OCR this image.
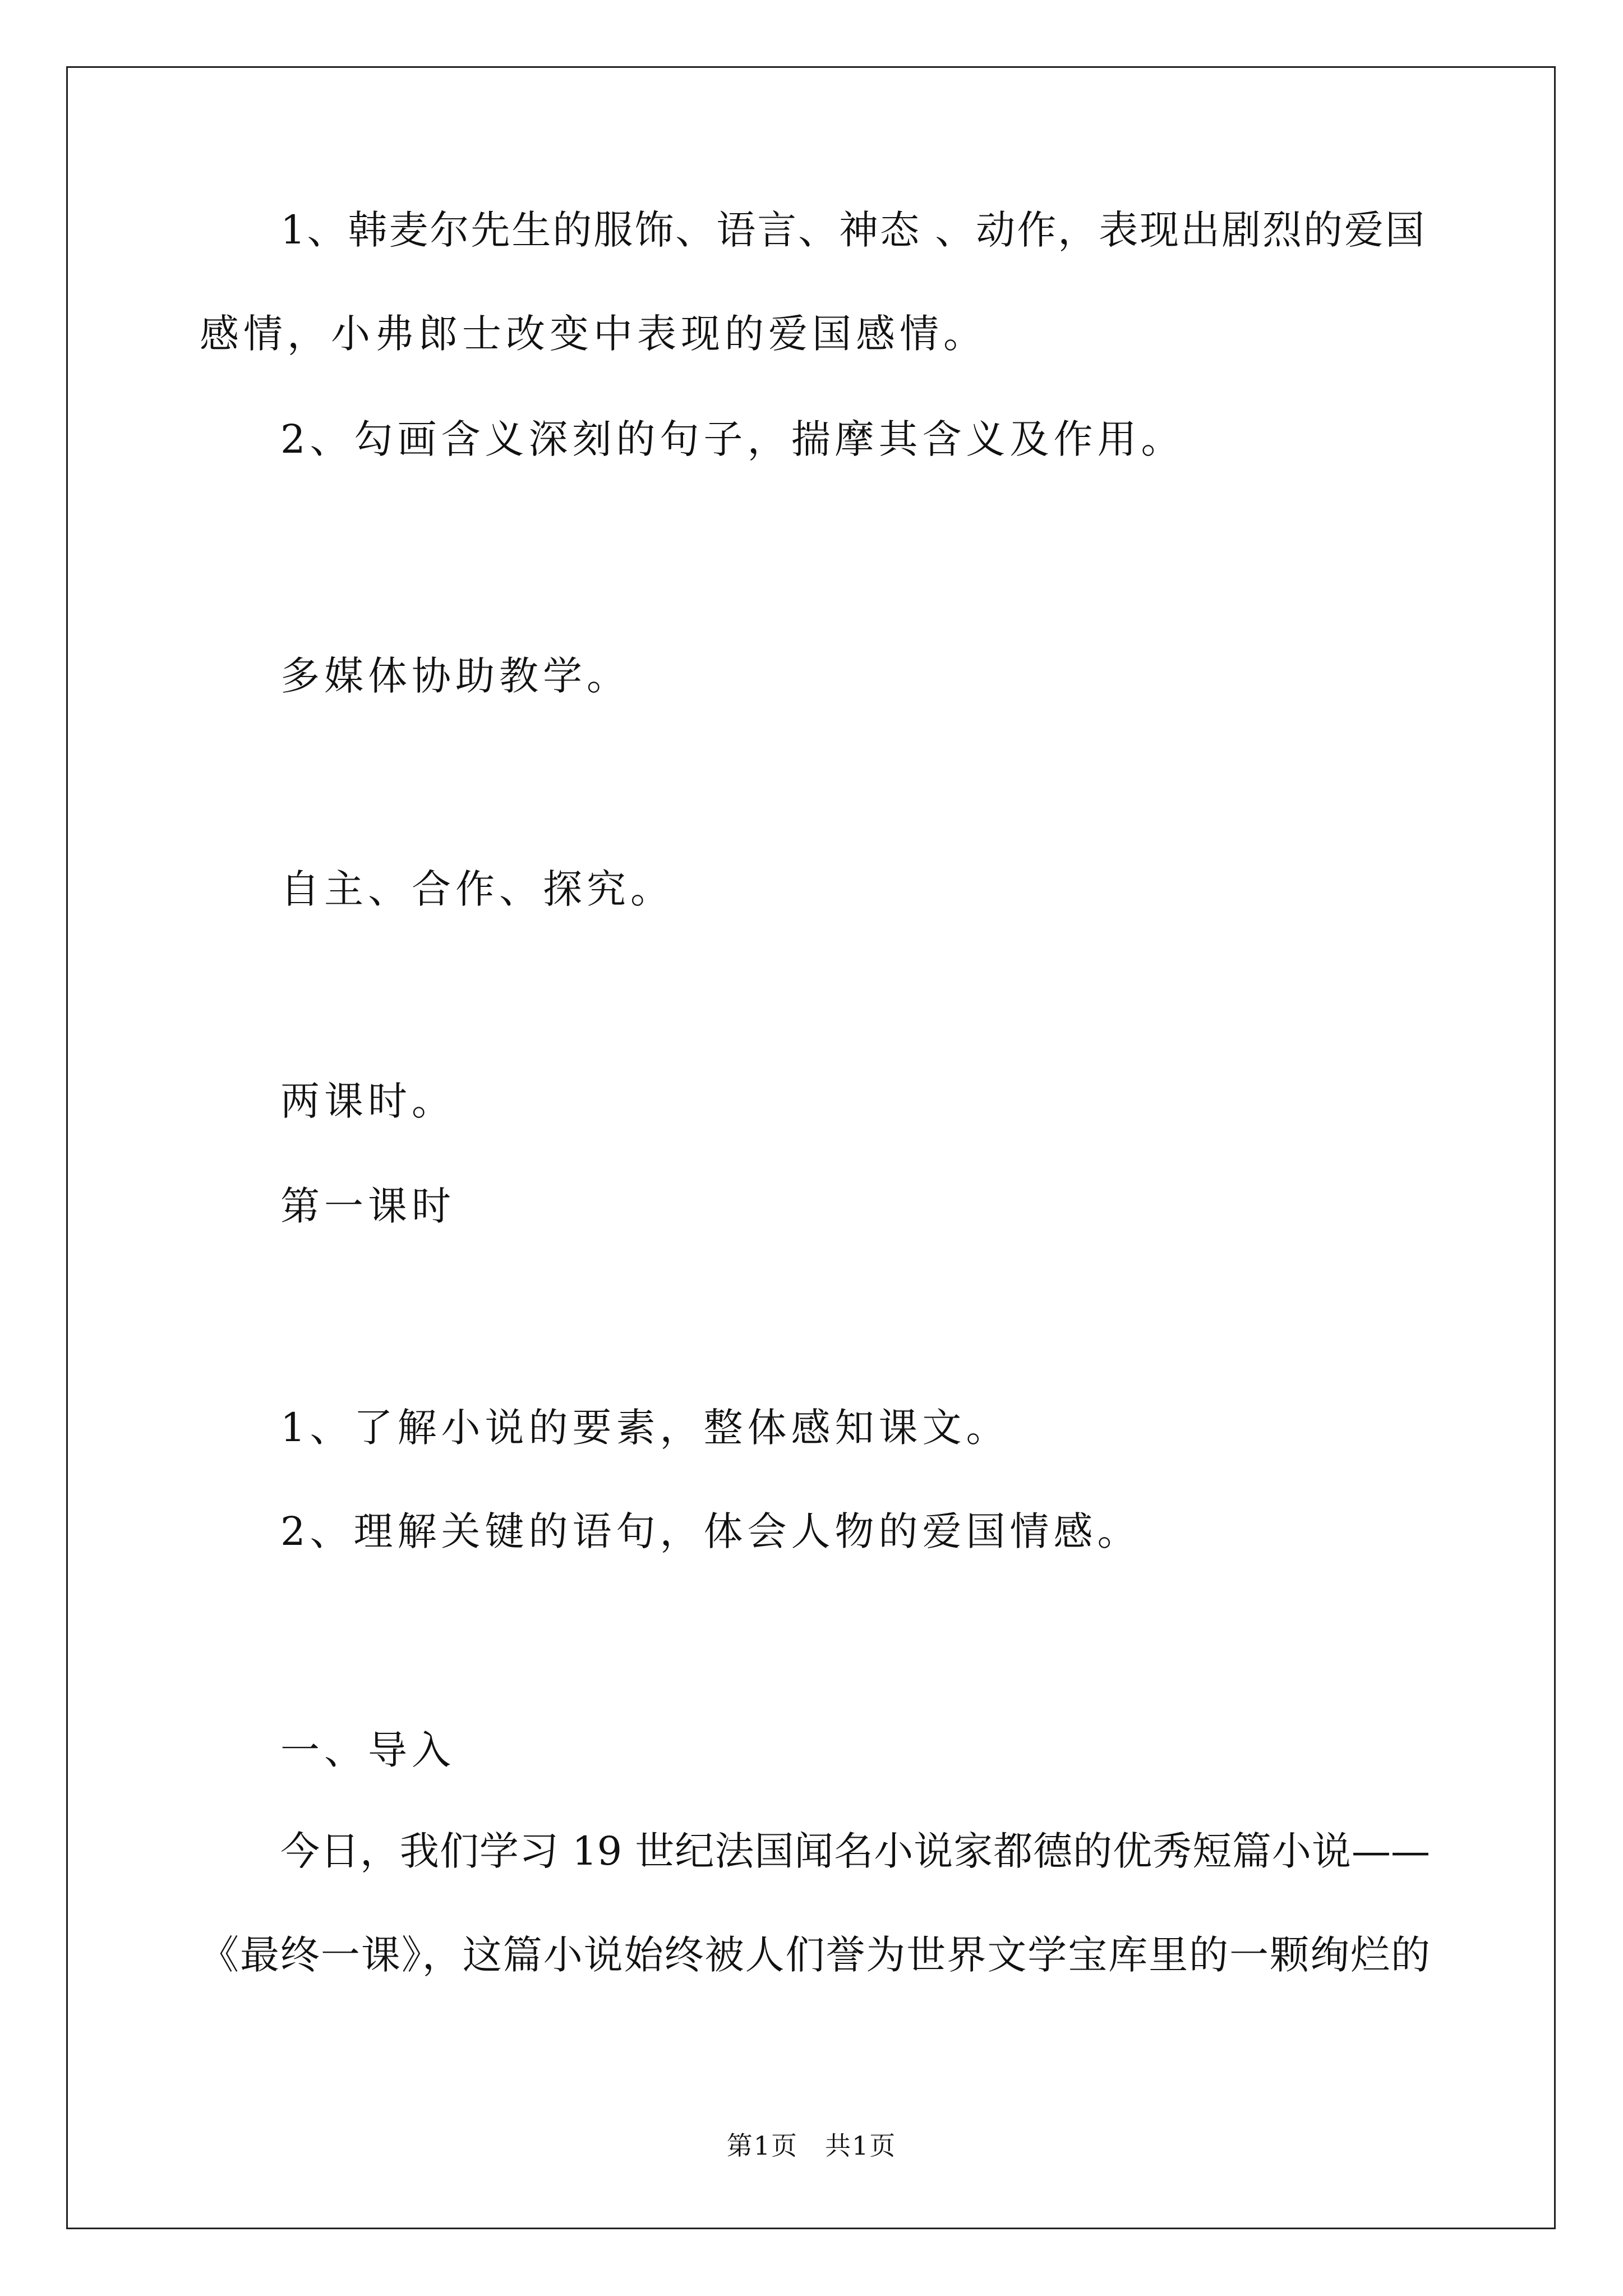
1、韩麦尔先生的服饰、语言、神态 、动作，表现出剧烈的爱国
感情，小弗郎士改变中表现的爱国感情。
2、勾画含义深刻的句子，揣摩其含义及作用。
多媒体协助教学。
自主、合作、探究。
两课时。
第一课时
1、了解小说的要素，整体感知课文。
2、理解关键的语句，体会人物的爱国情感。
一、导入
今日，我们学习 19 世纪法国闻名小说家都德的优秀短篇小说——
《最终一课》，这篇小说始终被人们誉为世界文学宝库里的一颗绚烂的
第1页　共1页
